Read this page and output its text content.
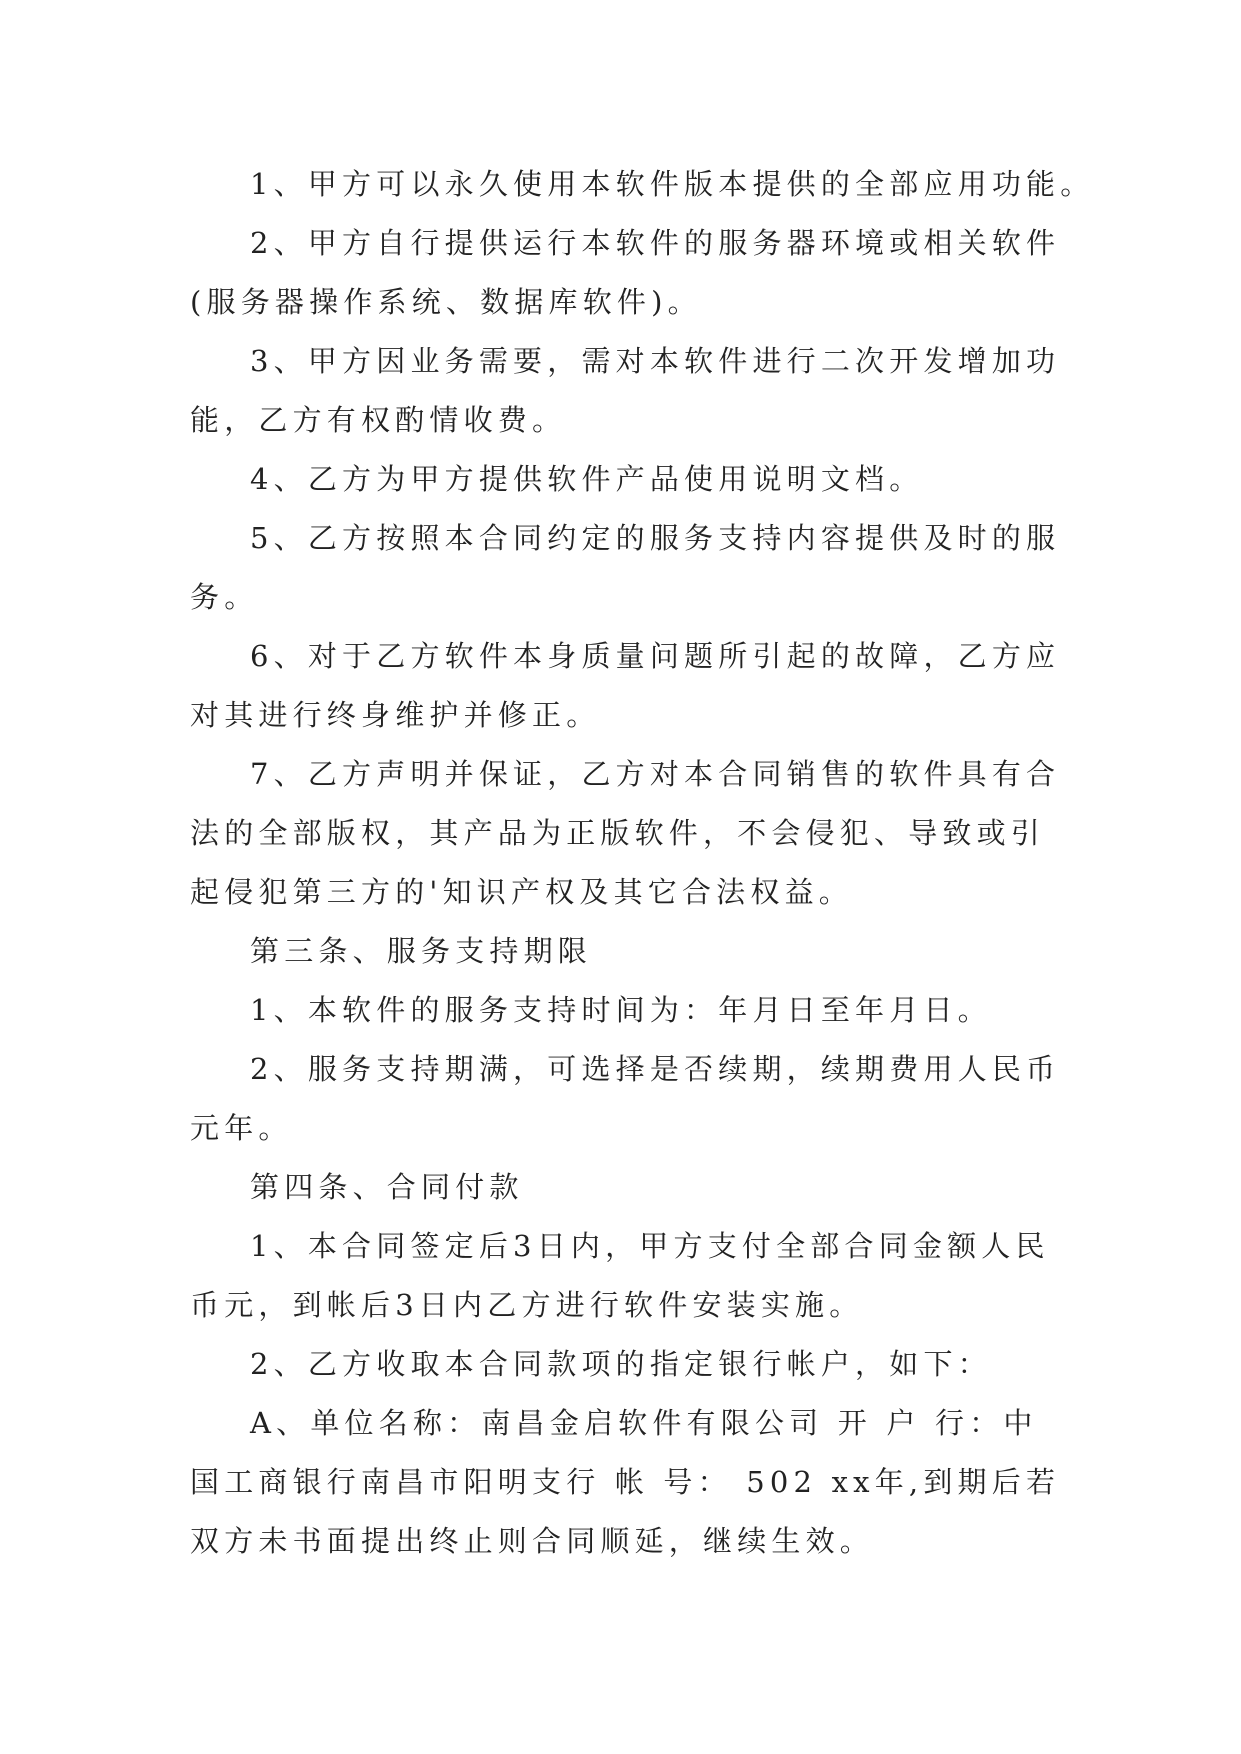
1、甲方可以永久使用本软件版本提供的全部应用功能。

2、甲方自行提供运行本软件的服务器环境或相关软件(服务器操作系统、数据库软件)。

3、甲方因业务需要，需对本软件进行二次开发增加功能，乙方有权酌情收费。

4、乙方为甲方提供软件产品使用说明文档。

5、乙方按照本合同约定的服务支持内容提供及时的服务。

6、对于乙方软件本身质量问题所引起的故障，乙方应对其进行终身维护并修正。

7、乙方声明并保证，乙方对本合同销售的软件具有合法的全部版权，其产品为正版软件，不会侵犯、导致或引起侵犯第三方的'知识产权及其它合法权益。

第三条、服务支持期限

1、本软件的服务支持时间为：年月日至年月日。

2、服务支持期满，可选择是否续期，续期费用人民币元年。

第四条、合同付款

1、本合同签定后3日内，甲方支付全部合同金额人民币元，到帐后3日内乙方进行软件安装实施。

2、乙方收取本合同款项的指定银行帐户，如下：

A、单位名称：南昌金启软件有限公司 开 户 行：中国工商银行南昌市阳明支行 帐 号： 502 xx年,到期后若双方未书面提出终止则合同顺延，继续生效。
